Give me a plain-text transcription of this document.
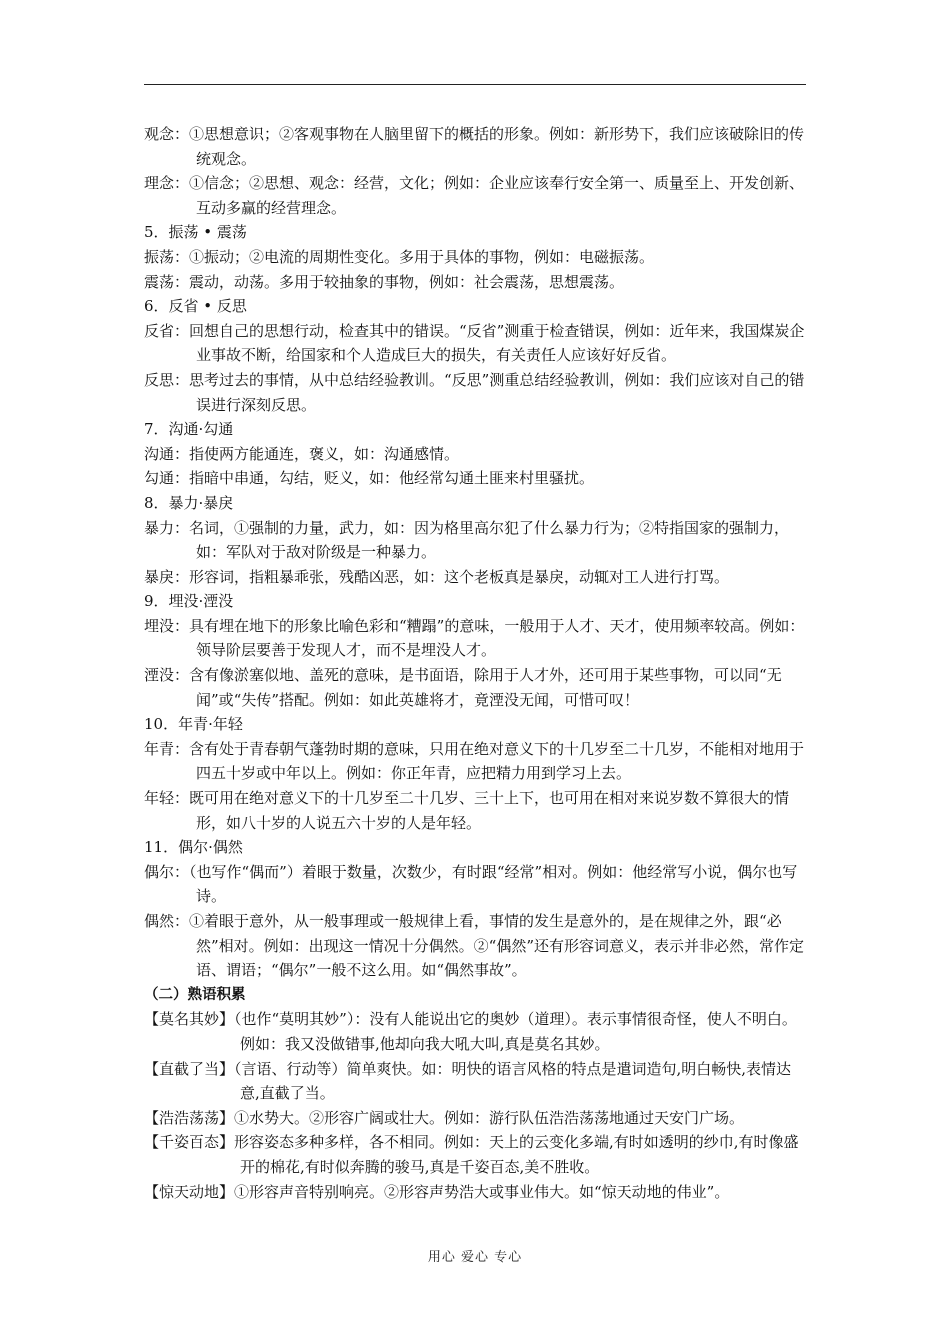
观念：①思想意识；②客观事物在人脑里留下的概括的形象。例如：新形势下，我们应该破除旧的传统观念。

理念：①信念；②思想、观念：经营，文化；例如：企业应该奉行安全第一、质量至上、开发创新、互动多赢的经营理念。

5．振荡 • 震荡

振荡：①振动；②电流的周期性变化。多用于具体的事物，例如：电磁振荡。

震荡：震动，动荡。多用于较抽象的事物，例如：社会震荡，思想震荡。

6．反省 • 反思

反省：回想自己的思想行动，检查其中的错误。“反省”测重于检查错误，例如：近年来，我国煤炭企业事故不断，给国家和个人造成巨大的损失，有关责任人应该好好反省。

反思：思考过去的事情，从中总结经验教训。“反思”测重总结经验教训，例如：我们应该对自己的错误进行深刻反思。

7．沟通·勾通

沟通：指使两方能通连，褒义，如：沟通感情。

勾通：指暗中串通，勾结，贬义，如：他经常勾通土匪来村里骚扰。

8．暴力·暴戾

暴力：名词，①强制的力量，武力，如：因为格里高尔犯了什么暴力行为；②特指国家的强制力，如：军队对于敌对阶级是一种暴力。

暴戾：形容词，指粗暴乖张，残酷凶恶，如：这个老板真是暴戾，动辄对工人进行打骂。

9．埋没·湮没

埋没：具有埋在地下的形象比喻色彩和“糟蹋”的意味，一般用于人才、天才，使用频率较高。例如：领导阶层要善于发现人才，而不是埋没人才。

湮没：含有像淤塞似地、盖死的意味，是书面语，除用于人才外，还可用于某些事物，可以同“无闻”或“失传”搭配。例如：如此英雄将才，竟湮没无闻，可惜可叹！

10．年青·年轻

年青：含有处于青春朝气蓬勃时期的意味，只用在绝对意义下的十几岁至二十几岁，不能相对地用于四五十岁或中年以上。例如：你正年青，应把精力用到学习上去。

年轻：既可用在绝对意义下的十几岁至二十几岁、三十上下，也可用在相对来说岁数不算很大的情形，如八十岁的人说五六十岁的人是年轻。

11．偶尔·偶然

偶尔：（也写作“偶而”）着眼于数量，次数少，有时跟“经常”相对。例如：他经常写小说，偶尔也写诗。

偶然：①着眼于意外，从一般事理或一般规律上看，事情的发生是意外的，是在规律之外，跟“必然”相对。例如：出现这一情况十分偶然。②“偶然”还有形容词意义，表示并非必然，常作定语、谓语；“偶尔”一般不这么用。如“偶然事故”。

（二）熟语积累

【莫名其妙】（也作“莫明其妙”）：没有人能说出它的奥妙（道理）。表示事情很奇怪，使人不明白。例如：我又没做错事,他却向我大吼大叫,真是莫名其妙。

【直截了当】（言语、行动等）简单爽快。如：明快的语言风格的特点是遣词造句,明白畅快,表情达意,直截了当。

【浩浩荡荡】①水势大。②形容广阔或壮大。例如：游行队伍浩浩荡荡地通过天安门广场。

【千姿百态】形容姿态多种多样，各不相同。例如：天上的云变化多端,有时如透明的纱巾,有时像盛开的棉花,有时似奔腾的骏马,真是千姿百态,美不胜收。

【惊天动地】①形容声音特别响亮。②形容声势浩大或事业伟大。如“惊天动地的伟业”。

用心 爱心 专心
